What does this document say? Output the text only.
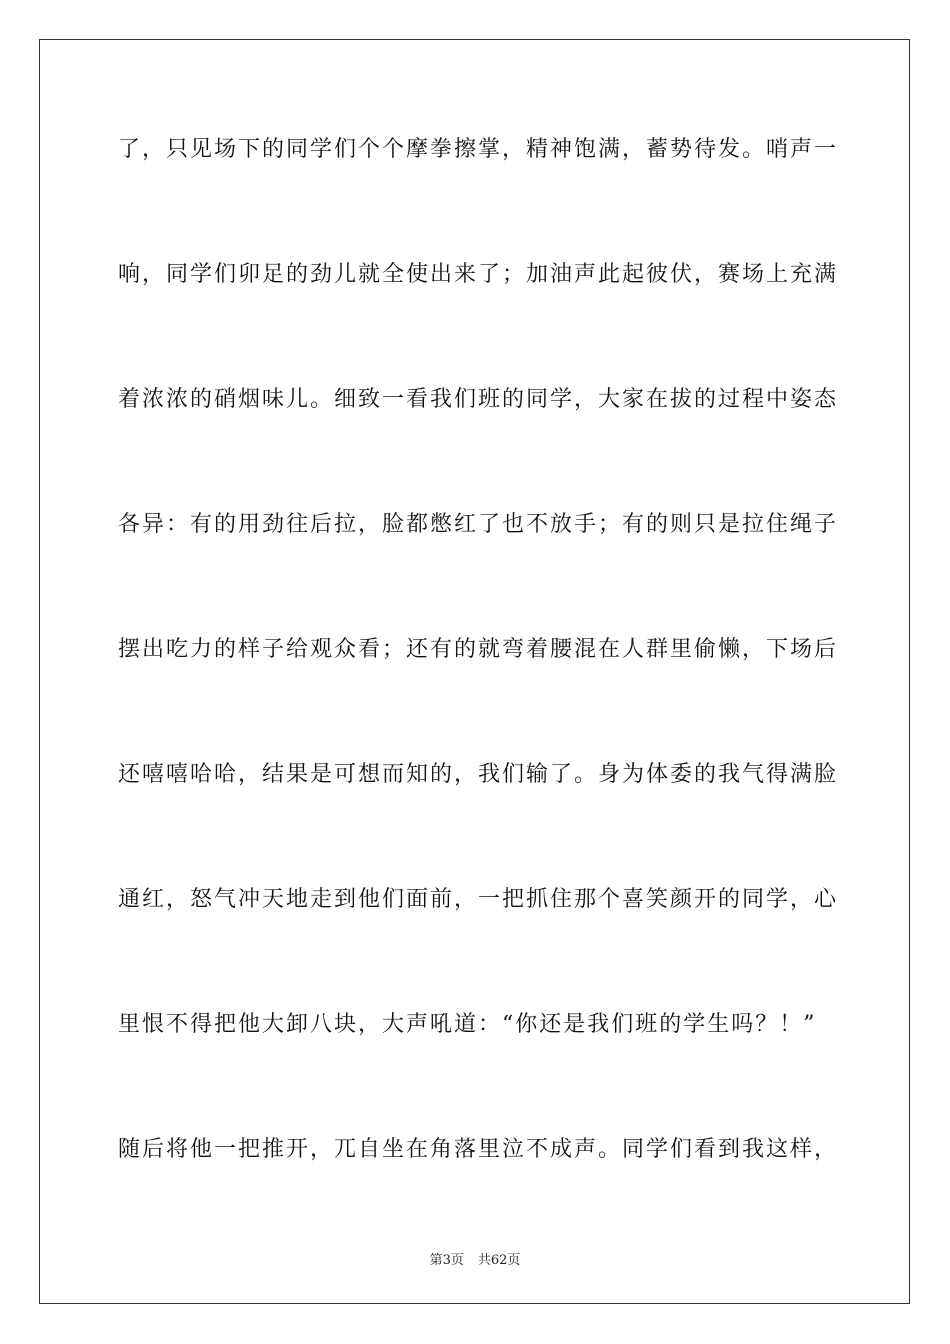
了，只见场下的同学们个个摩拳擦掌，精神饱满，蓄势待发。哨声一
响，同学们卯足的劲儿就全使出来了；加油声此起彼伏，赛场上充满
着浓浓的硝烟味儿。细致一看我们班的同学，大家在拔的过程中姿态
各异：有的用劲往后拉，脸都憋红了也不放手；有的则只是拉住绳子
摆出吃力的样子给观众看；还有的就弯着腰混在人群里偷懒，下场后
还嘻嘻哈哈，结果是可想而知的，我们输了。身为体委的我气得满脸
通红，怒气冲天地走到他们面前，一把抓住那个喜笑颜开的同学，心
里恨不得把他大卸八块，大声吼道：“你还是我们班的学生吗？！”
随后将他一把推开，兀自坐在角落里泣不成声。同学们看到我这样，
第3页 共62页
